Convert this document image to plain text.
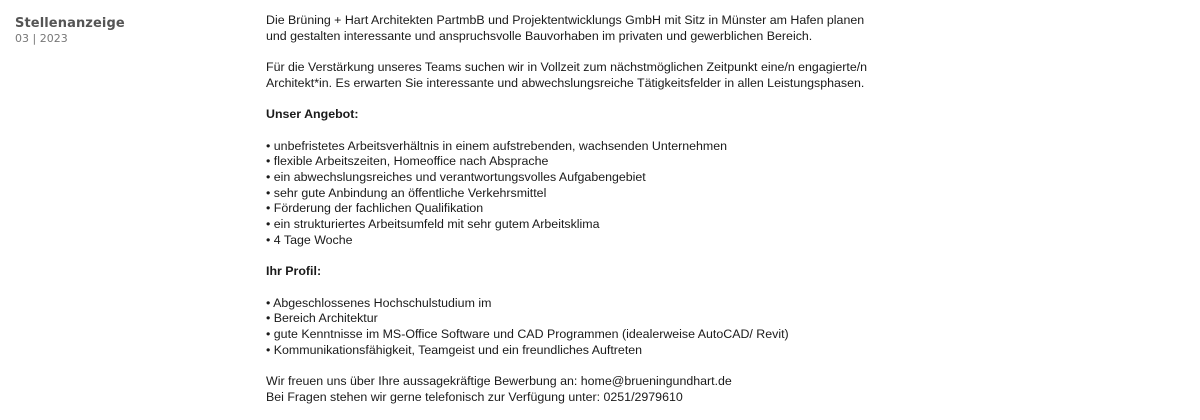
Stellenanzeige
03 | 2023

Die Brüning + Hart Architekten PartmbB und Projektentwicklungs GmbH mit Sitz in Münster am Hafen planen

und gestalten interessante und anspruchsvolle Bauvorhaben im privaten und gewerblichen Bereich.

Für die Verstärkung unseres Teams suchen wir in Vollzeit zum nächstmöglichen Zeitpunkt eine/n engagierte/n

Architekt*in. Es erwarten Sie interessante und abwechslungsreiche Tätigkeitsfelder in allen Leistungsphasen.

Unser Angebot:

• unbefristetes Arbeitsverhältnis in einem aufstrebenden, wachsenden Unternehmen
• flexible Arbeitszeiten, Homeoffice nach Absprache
• ein abwechslungsreiches und verantwortungsvolles Aufgabengebiet
• sehr gute Anbindung an öffentliche Verkehrsmittel
• Förderung der fachlichen Qualifikation
• ein strukturiertes Arbeitsumfeld mit sehr gutem Arbeitsklima
• 4 Tage Woche

Ihr Profil:

• Abgeschlossenes Hochschulstudium im
• Bereich Architektur
• gute Kenntnisse im MS-Office Software und CAD Programmen (idealerweise AutoCAD/ Revit)
• Kommunikationsfähigkeit, Teamgeist und ein freundliches Auftreten

Wir freuen uns über Ihre aussagekräftige Bewerbung an: home@brueningundhart.de

Bei Fragen stehen wir gerne telefonisch zur Verfügung unter: 0251/2979610
